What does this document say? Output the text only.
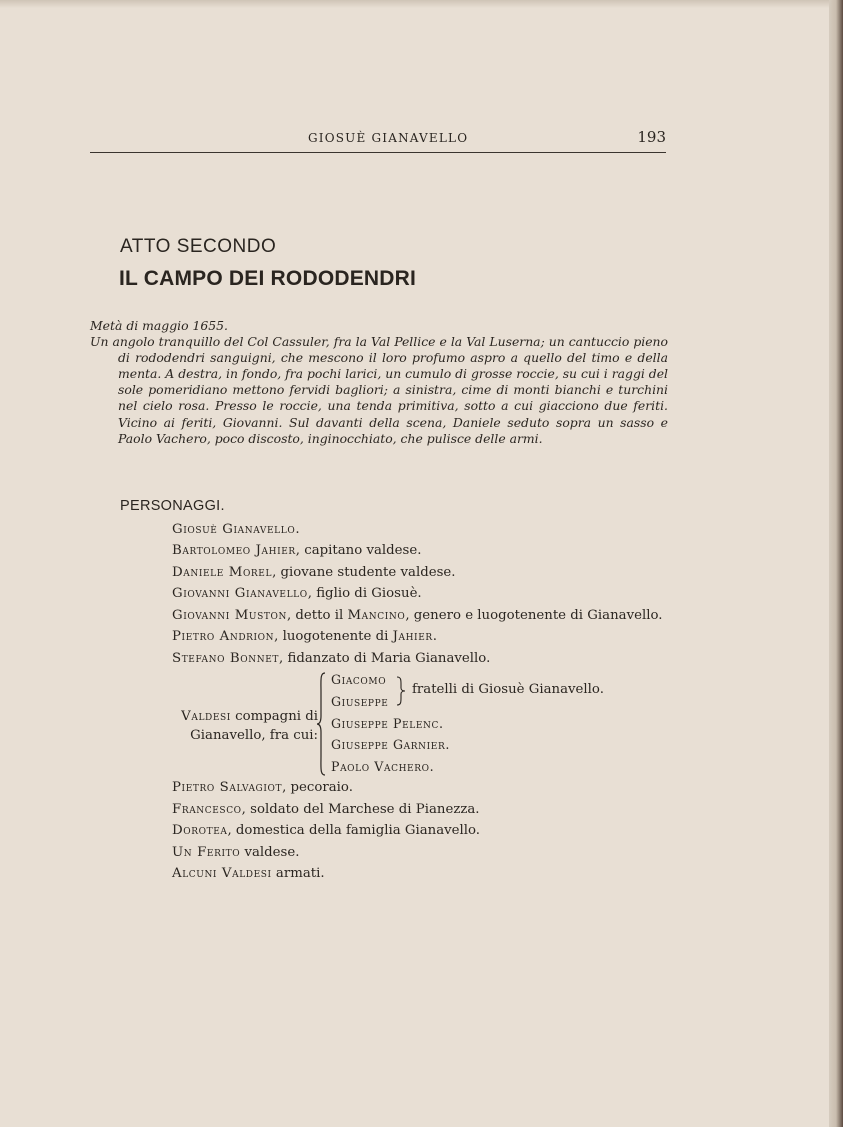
GIOSUÈ GIANAVELLO	193
ATTO SECONDO
IL CAMPO DEI RODODENDRI
Metà di maggio 1655.
Un angolo tranquillo del Col Cassuler, fra la Val Pellice e la Val Luserna; un cantuccio pieno di rododendri sanguigni, che mescono il loro profumo aspro a quello del timo e della menta. A destra, in fondo, fra pochi larici, un cumulo di grosse roccie, su cui i raggi del sole pomeridiano mettono fervidi bagliori; a sinistra, cime di monti bianchi e turchini nel cielo rosa. Presso le roccie, una tenda primitiva, sotto a cui giacciono due feriti. Vicino ai feriti, Giovanni. Sul davanti della scena, Daniele seduto sopra un sasso e Paolo Vachero, poco discosto, inginocchiato, che pulisce delle armi.
PERSONAGGI.
Giosuè Gianavello.
Bartolomeo Jahier, capitano valdese.
Daniele Morel, giovane studente valdese.
Giovanni Gianavello, figlio di Giosuè.
Giovanni Muston, detto il Mancino, genero e luogotenente di Gianavello.
Pietro Andrion, luogotenente di Jahier.
Stefano Bonnet, fidanzato di Maria Gianavello.
Valdesi compagni di
Gianavello, fra cui:
Giacomo
Giuseppe
fratelli di Giosuè Gianavello.
Giuseppe Pelenc.
Giuseppe Garnier.
Paolo Vachero.
Pietro Salvagiot, pecoraio.
Francesco, soldato del Marchese di Pianezza.
Dorotea, domestica della famiglia Gianavello.
Un Ferito valdese.
Alcuni Valdesi armati.
